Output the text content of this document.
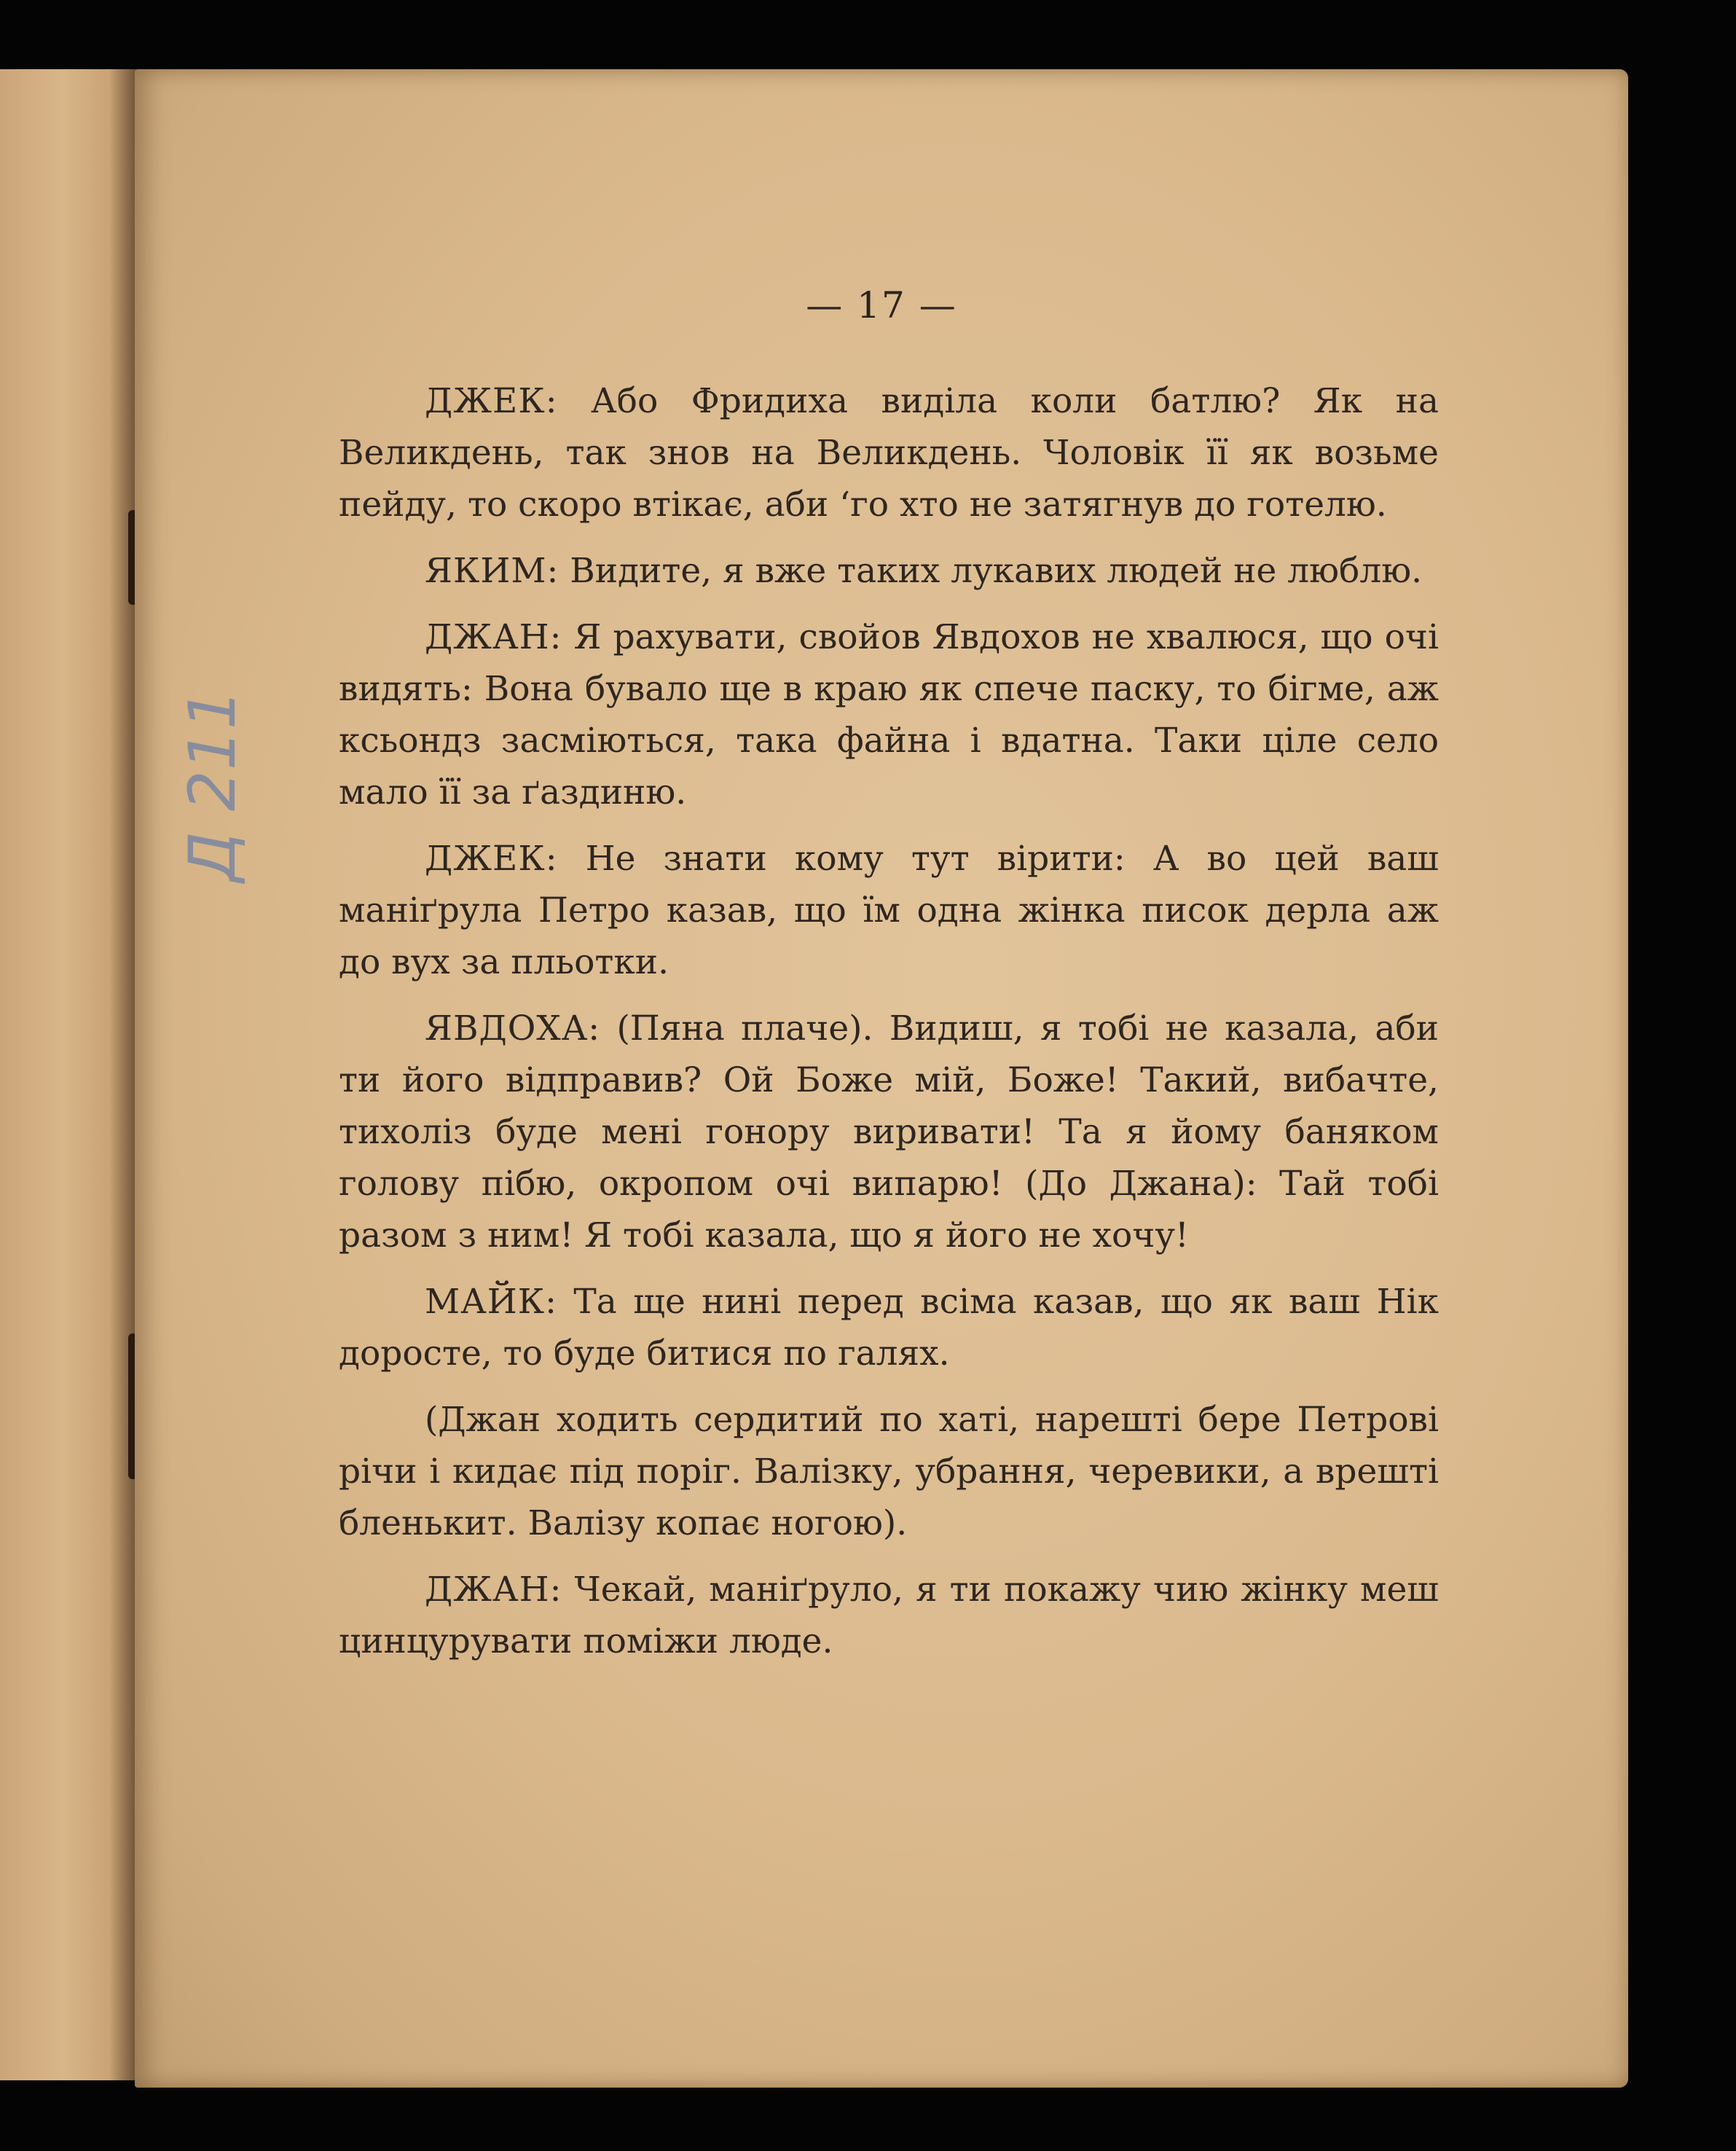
— 17 —

ДЖЕК: Або Фридиха виділа коли батлю? Як на Великдень, так знов на Великдень. Чоловік її як возьме пейду, то скоро втікає, аби ‘го хто не затягнув до готелю.

ЯКИМ: Видите, я вже таких лукавих людей не люблю.

ДЖАН: Я рахувати, свойов Явдохов не хвалюся, що очі видять: Вона бувало ще в краю як спече паску, то бігме, аж ксьондз засміються, така файна і вдатна. Таки ціле село мало її за ґаздиню.

ДЖЕК: Не знати кому тут вірити: А во цей ваш маніґрула Петро казав, що їм одна жінка писок дерла аж до вух за пльотки.

ЯВДОХА: (Пяна плаче). Видиш, я тобі не казала, аби ти його відправив? Ой Боже мій, Боже! Такий, вибачте, тихоліз буде мені гонору виривати! Та я йому баняком голову пібю, окропом очі випарю! (До Джана): Тай тобі разом з ним! Я тобі казала, що я його не хочу!

МАЙК: Та ще нині перед всіма казав, що як ваш Нік дорoсте, то буде битися по галях.

(Джан ходить сердитий по хаті, нарешті бере Петрові річи і кидає під поріг. Валізку, убрання, черевики, а врешті бленькит. Валізу копає ногою).

ДЖАН: Чекай, маніґруло, я ти покажу чию жінку меш цинцурувати поміжи люде.

Д 211
